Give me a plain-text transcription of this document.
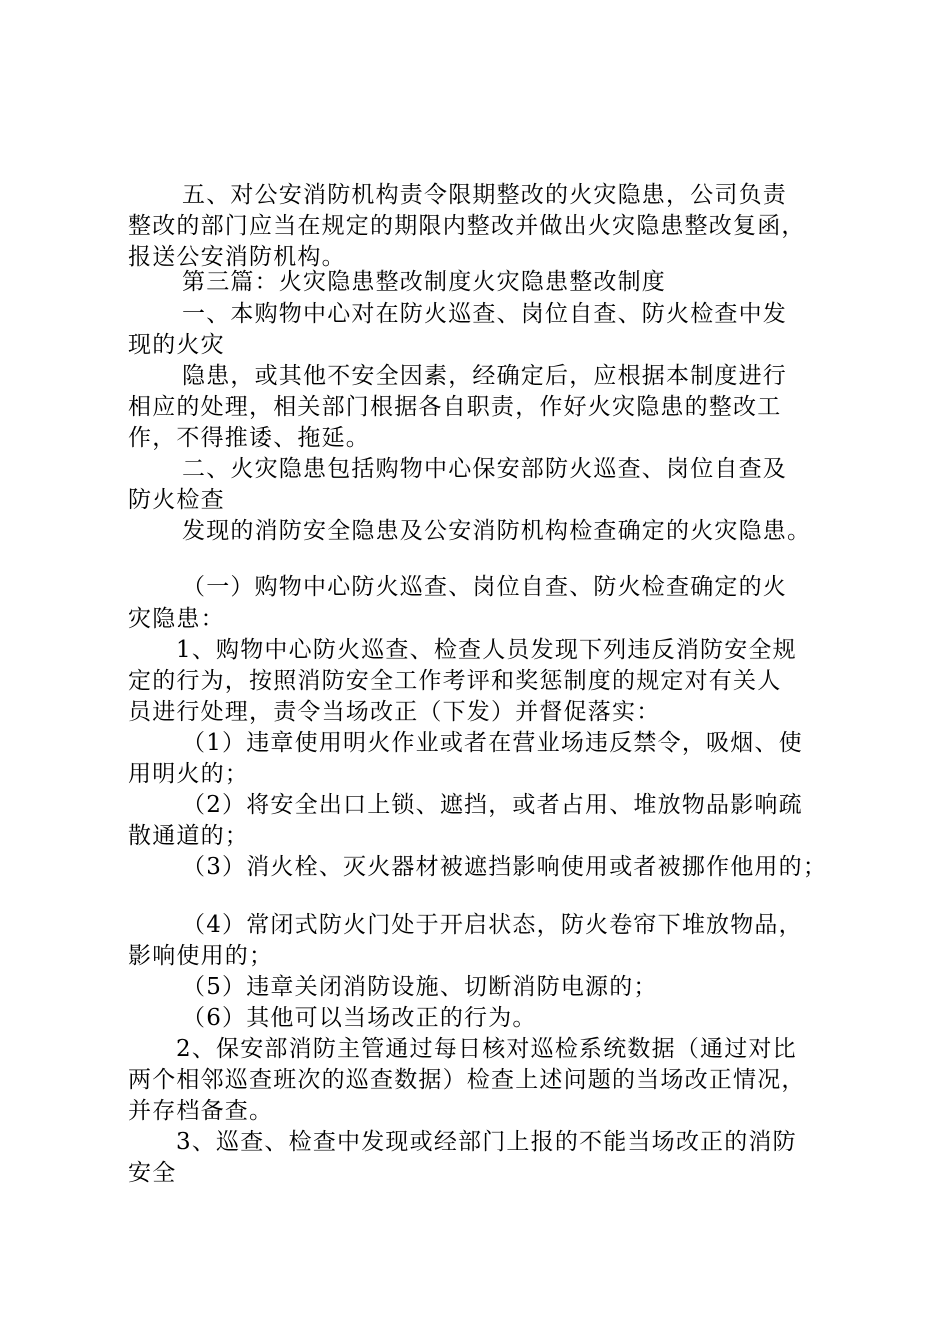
五、对公安消防机构责令限期整改的火灾隐患，公司负责
整改的部门应当在规定的期限内整改并做出火灾隐患整改复函，
报送公安消防机构。
第三篇：火灾隐患整改制度火灾隐患整改制度
一、本购物中心对在防火巡查、岗位自查、防火检查中发
现的火灾
隐患，或其他不安全因素，经确定后，应根据本制度进行
相应的处理，相关部门根据各自职责，作好火灾隐患的整改工
作，不得推诿、拖延。
二、火灾隐患包括购物中心保安部防火巡查、岗位自查及
防火检查
发现的消防安全隐患及公安消防机构检查确定的火灾隐患。
（一）购物中心防火巡查、岗位自查、防火检查确定的火
灾隐患：
1、购物中心防火巡查、检查人员发现下列违反消防安全规
定的行为，按照消防安全工作考评和奖惩制度的规定对有关人
员进行处理，责令当场改正（下发）并督促落实：
（1）违章使用明火作业或者在营业场违反禁令，吸烟、使
用明火的；
（2）将安全出口上锁、遮挡，或者占用、堆放物品影响疏
散通道的；
（3）消火栓、灭火器材被遮挡影响使用或者被挪作他用的；
（4）常闭式防火门处于开启状态，防火卷帘下堆放物品，
影响使用的；
（5）违章关闭消防设施、切断消防电源的；
（6）其他可以当场改正的行为。
2、保安部消防主管通过每日核对巡检系统数据（通过对比
两个相邻巡查班次的巡查数据）检查上述问题的当场改正情况，
并存档备查。
3、巡查、检查中发现或经部门上报的不能当场改正的消防
安全
